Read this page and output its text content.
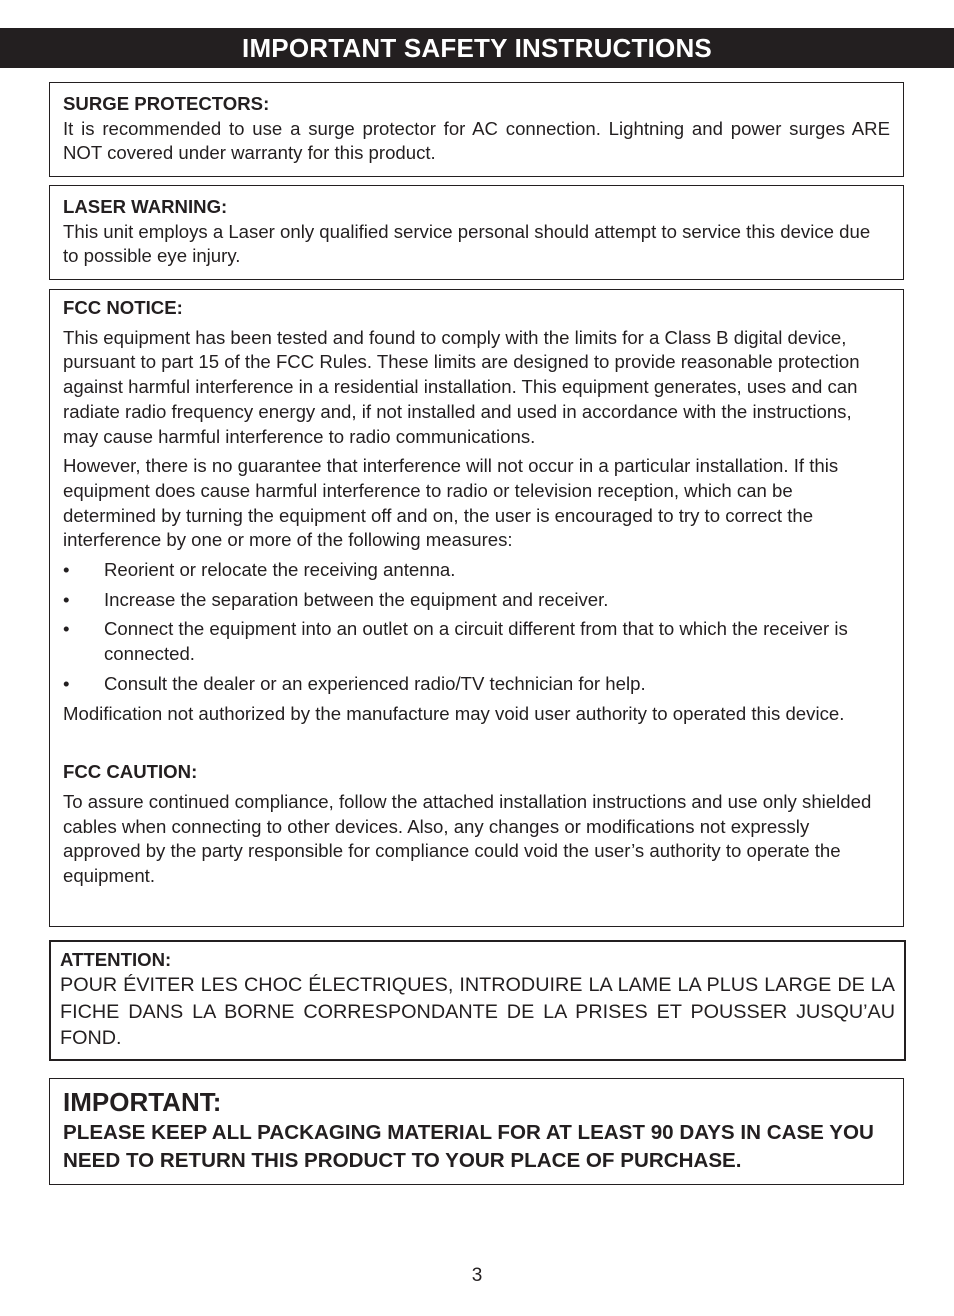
IMPORTANT SAFETY INSTRUCTIONS
SURGE PROTECTORS:

It is recommended to use a surge protector for AC connection. Lightning and power surges ARE NOT covered under warranty for this product.

LASER WARNING:

This unit employs a Laser only qualified service personal should attempt to service this device due to possible eye injury.

FCC NOTICE:

This equipment has been tested and found to comply with the limits for a Class B digital device, pursuant to part 15 of the FCC Rules. These limits are designed to provide reasonable protection against harmful interference in a residential installation. This equipment generates, uses and can radiate radio frequency energy and, if not installed and used in accordance with the instructions, may cause harmful interference to radio communications.

However, there is no guarantee that interference will not occur in a particular installation. If this equipment does cause harmful interference to radio or television reception, which can be determined by turning the equipment off and on, the user is encouraged to try to correct the interference by one or more of the following measures:

• Reorient or relocate the receiving antenna.
• Increase the separation between the equipment and receiver.
• Connect the equipment into an outlet on a circuit different from that to which the receiver is connected.
• Consult the dealer or an experienced radio/TV technician for help.

Modification not authorized by the manufacture may void user authority to operated this device.

FCC CAUTION:

To assure continued compliance, follow the attached installation instructions and use only shielded cables when connecting to other devices. Also, any changes or modifications not expressly approved by the party responsible for compliance could void the user’s authority to operate the equipment.

ATTENTION:

POUR ÉVITER LES CHOC ÉLECTRIQUES, INTRODUIRE LA LAME LA PLUS LARGE DE LA FICHE DANS LA BORNE CORRESPONDANTE DE LA PRISES ET POUSSER JUSQU’AU FOND.

IMPORTANT:

PLEASE KEEP ALL PACKAGING MATERIAL FOR AT LEAST 90 DAYS IN CASE YOU NEED TO RETURN THIS PRODUCT TO YOUR PLACE OF PURCHASE.

3
